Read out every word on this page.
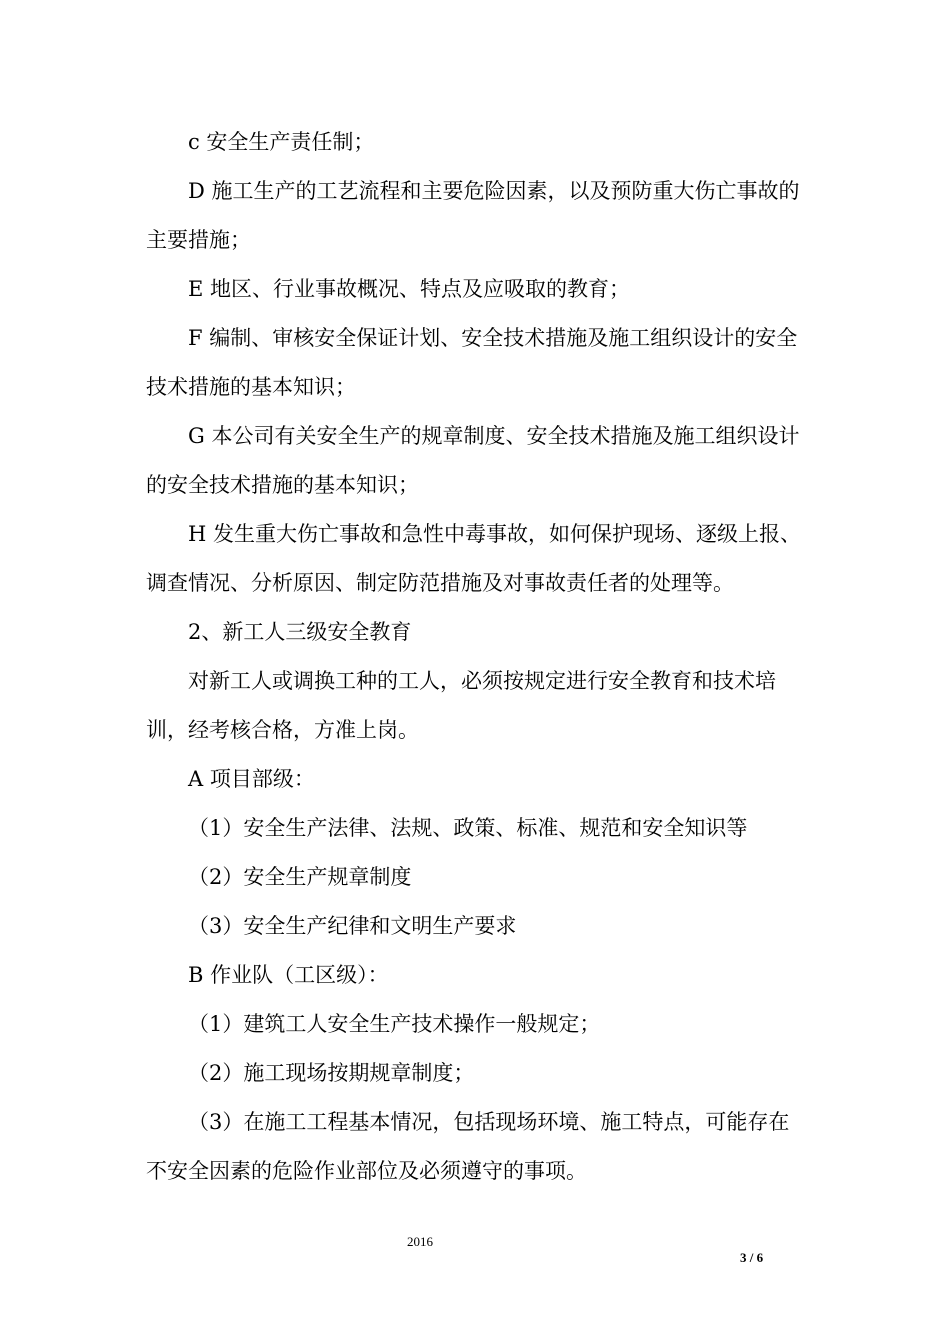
c 安全生产责任制；

D 施工生产的工艺流程和主要危险因素，以及预防重大伤亡事故的主要措施；

E 地区、行业事故概况、特点及应吸取的教育；

F 编制、审核安全保证计划、安全技术措施及施工组织设计的安全技术措施的基本知识；

G 本公司有关安全生产的规章制度、安全技术措施及施工组织设计的安全技术措施的基本知识；

H 发生重大伤亡事故和急性中毒事故，如何保护现场、逐级上报、调查情况、分析原因、制定防范措施及对事故责任者的处理等。

2、新工人三级安全教育

对新工人或调换工种的工人，必须按规定进行安全教育和技术培训，经考核合格，方准上岗。

A 项目部级：

（1）安全生产法律、法规、政策、标准、规范和安全知识等

（2）安全生产规章制度

（3）安全生产纪律和文明生产要求

B 作业队（工区级）：

（1）建筑工人安全生产技术操作一般规定；

（2）施工现场按期规章制度；

（3）在施工工程基本情况，包括现场环境、施工特点，可能存在不安全因素的危险作业部位及必须遵守的事项。

2016
3 / 6
